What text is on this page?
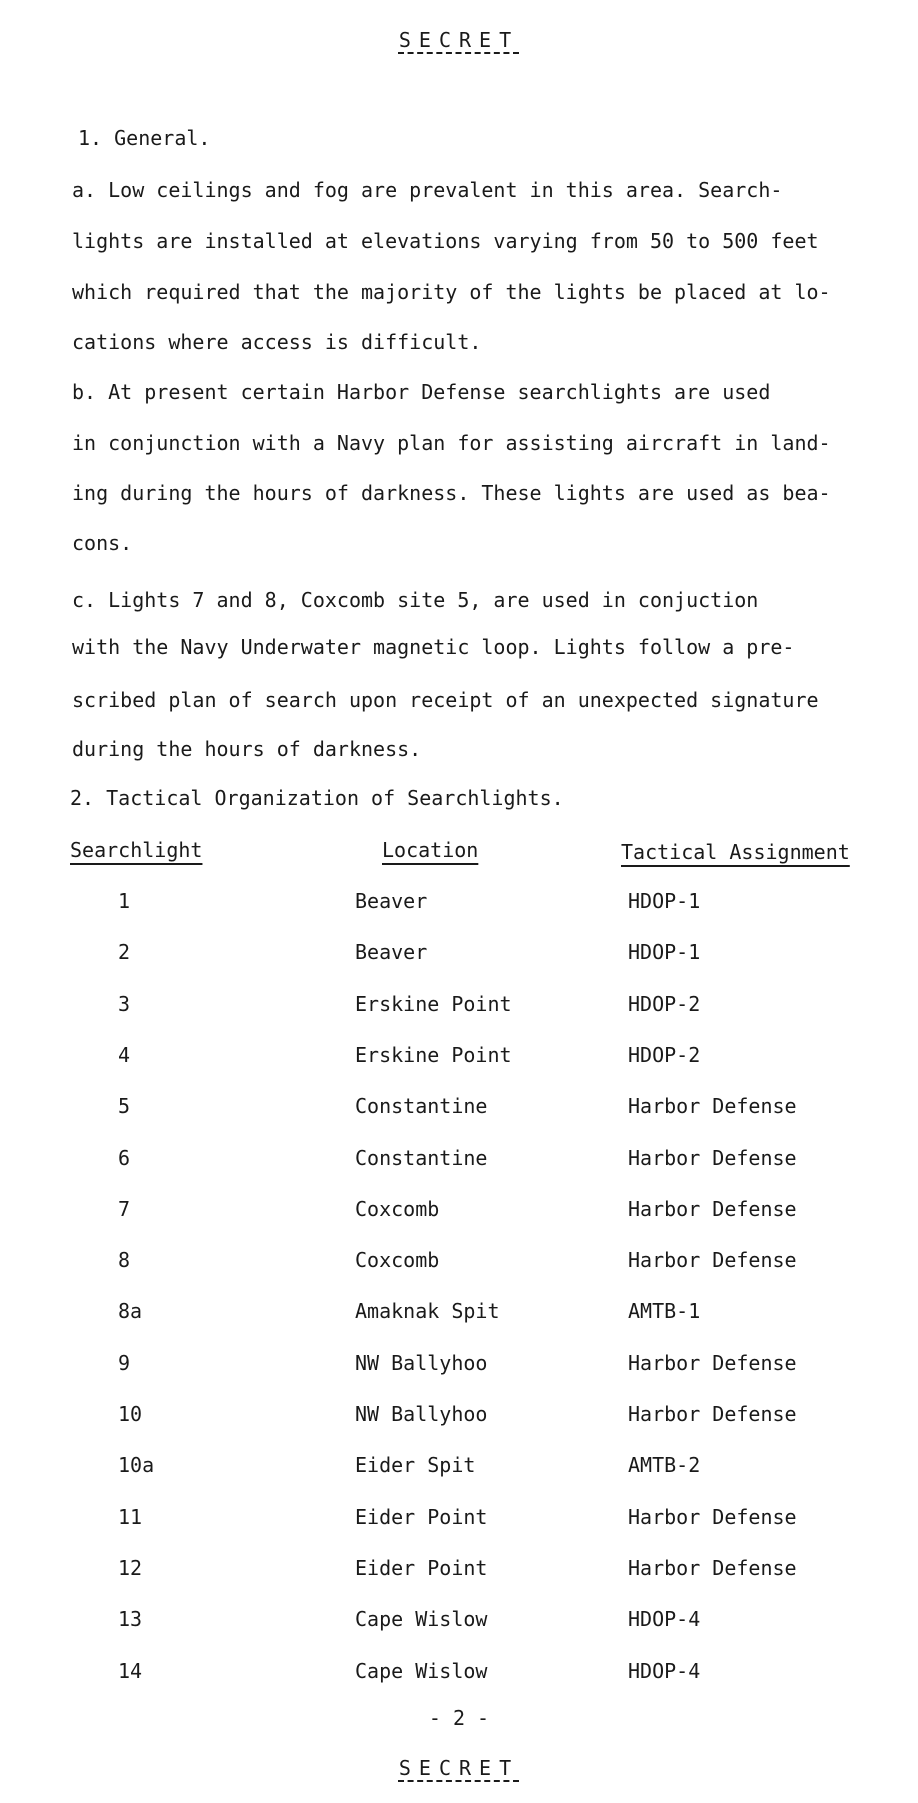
SECRET
1. General.
a. Low ceilings and fog are prevalent in this area. Search-
lights are installed at elevations varying from 50 to 500 feet
which required that the majority of the lights be placed at lo-
cations where access is difficult.
b. At present certain Harbor Defense searchlights are used
in conjunction with a Navy plan for assisting aircraft in land-
ing during the hours of darkness. These lights are used as bea-
cons.
c. Lights 7 and 8, Coxcomb site 5, are used in conjuction
with the Navy Underwater magnetic loop. Lights follow a pre-
scribed plan of search upon receipt of an unexpected signature
during the hours of darkness.
2. Tactical Organization of Searchlights.
Searchlight	Location	Tactical Assignment
1	Beaver	HDOP-1
2	Beaver	HDOP-1
3	Erskine Point	HDOP-2
4	Erskine Point	HDOP-2
5	Constantine	Harbor Defense
6	Constantine	Harbor Defense
7	Coxcomb	Harbor Defense
8	Coxcomb	Harbor Defense
8a	Amaknak Spit	AMTB-1
9	NW Ballyhoo	Harbor Defense
10	NW Ballyhoo	Harbor Defense
10a	Eider Spit	AMTB-2
11	Eider Point	Harbor Defense
12	Eider Point	Harbor Defense
13	Cape Wislow	HDOP-4
14	Cape Wislow	HDOP-4
- 2 -
SECRET
